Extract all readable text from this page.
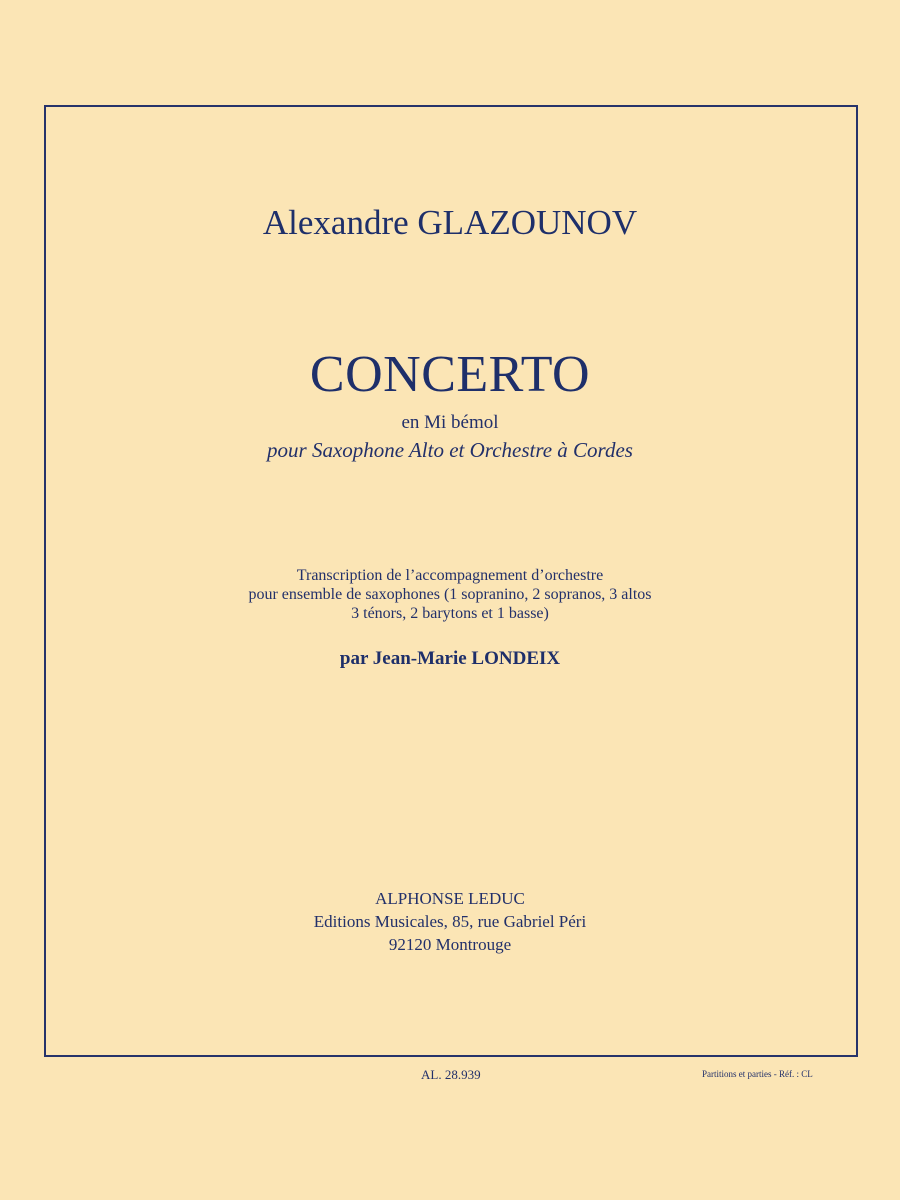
Alexandre GLAZOUNOV
CONCERTO
en Mi bémol
pour Saxophone Alto et Orchestre à Cordes
Transcription de l’accompagnement d’orchestre
pour ensemble de saxophones (1 sopranino, 2 sopranos, 3 altos
3 ténors, 2 barytons et 1 basse)
par Jean-Marie LONDEIX
ALPHONSE LEDUC
Editions Musicales, 85, rue Gabriel Péri
92120 Montrouge
AL. 28.939	Partitions et parties - Réf. : CL
